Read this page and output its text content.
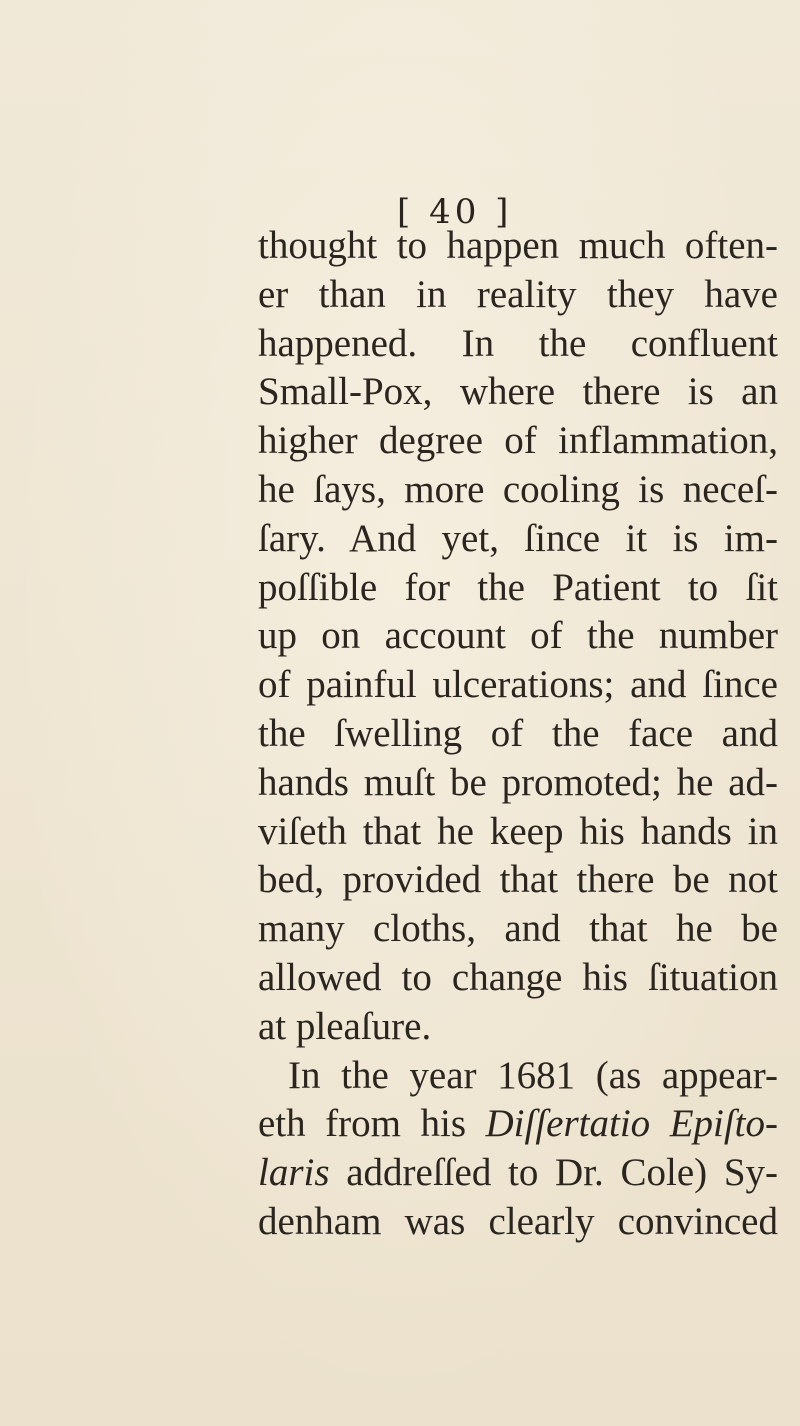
[ 40 ]
thought to happen much often-
er than in reality they have
happened. In the confluent
Small-Pox, where there is an
higher degree of inflammation,
he ſays, more cooling is neceſ-
ſary. And yet, ſince it is im-
poſſible for the Patient to ſit
up on account of the number
of painful ulcerations; and ſince
the ſwelling of the face and
hands muſt be promoted; he ad-
viſeth that he keep his hands in
bed, provided that there be not
many cloths, and that he be
allowed to change his ſituation
at pleaſure.
In the year 1681 (as appear-
eth from his Diſſertatio Epiſto-
laris addreſſed to Dr. Cole) Sy-
denham was clearly convinced
